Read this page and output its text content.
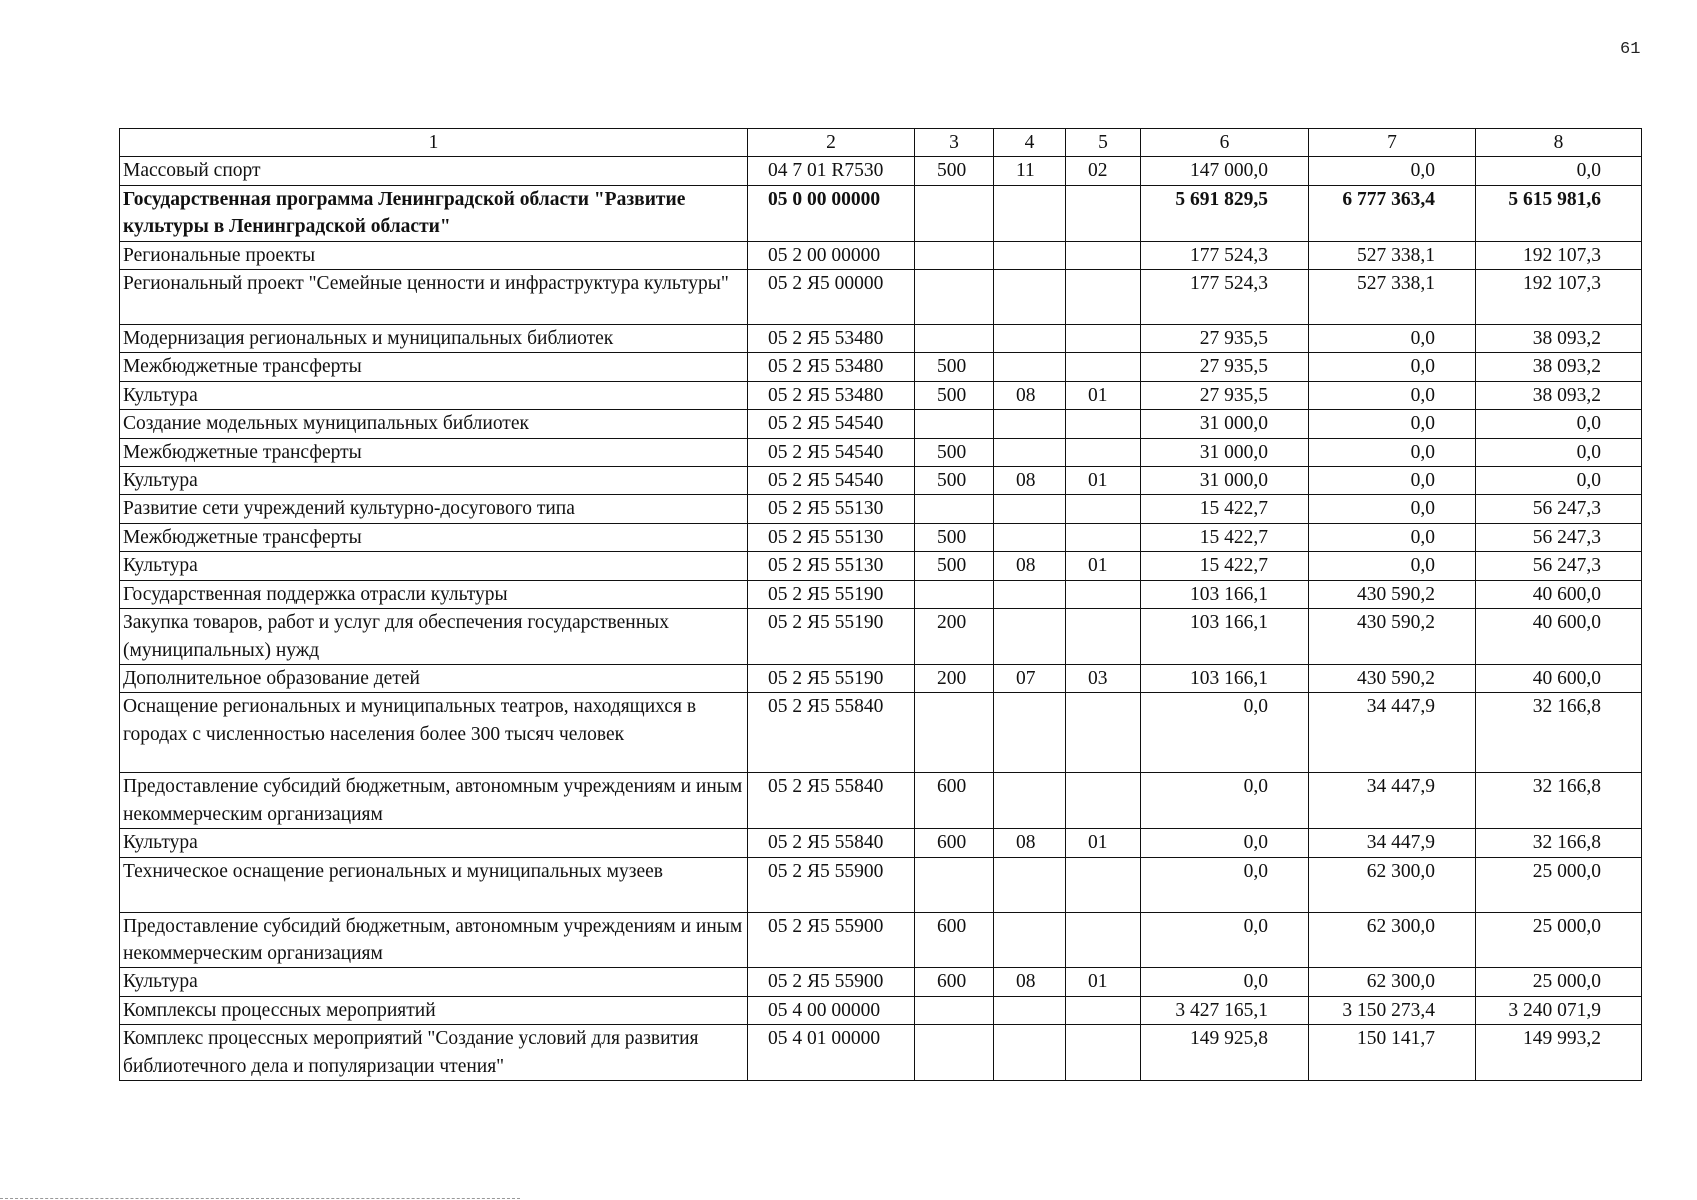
61
1	2	3	4	5	6	7	8
Массовый спорт	04 7 01 R7530	500	11	02	147 000,0	0,0	0,0
Государственная программа Ленинградской области "Развитие культуры в Ленинградской области"	05 0 00 00000				5 691 829,5	6 777 363,4	5 615 981,6
Региональные проекты	05 2 00 00000				177 524,3	527 338,1	192 107,3
Региональный проект "Семейные ценности и инфраструктура культуры"	05 2 Я5 00000				177 524,3	527 338,1	192 107,3
Модернизация региональных и муниципальных библиотек	05 2 Я5 53480				27 935,5	0,0	38 093,2
Межбюджетные трансферты	05 2 Я5 53480	500			27 935,5	0,0	38 093,2
Культура	05 2 Я5 53480	500	08	01	27 935,5	0,0	38 093,2
Создание модельных муниципальных библиотек	05 2 Я5 54540				31 000,0	0,0	0,0
Межбюджетные трансферты	05 2 Я5 54540	500			31 000,0	0,0	0,0
Культура	05 2 Я5 54540	500	08	01	31 000,0	0,0	0,0
Развитие сети учреждений культурно-досугового типа	05 2 Я5 55130				15 422,7	0,0	56 247,3
Межбюджетные трансферты	05 2 Я5 55130	500			15 422,7	0,0	56 247,3
Культура	05 2 Я5 55130	500	08	01	15 422,7	0,0	56 247,3
Государственная поддержка отрасли культуры	05 2 Я5 55190				103 166,1	430 590,2	40 600,0
Закупка товаров, работ и услуг для обеспечения государственных (муниципальных) нужд	05 2 Я5 55190	200			103 166,1	430 590,2	40 600,0
Дополнительное образование детей	05 2 Я5 55190	200	07	03	103 166,1	430 590,2	40 600,0
Оснащение региональных и муниципальных театров, находящихся в городах с численностью населения более 300 тысяч человек	05 2 Я5 55840				0,0	34 447,9	32 166,8
Предоставление субсидий бюджетным, автономным учреждениям и иным некоммерческим организациям	05 2 Я5 55840	600			0,0	34 447,9	32 166,8
Культура	05 2 Я5 55840	600	08	01	0,0	34 447,9	32 166,8
Техническое оснащение региональных и муниципальных музеев	05 2 Я5 55900				0,0	62 300,0	25 000,0
Предоставление субсидий бюджетным, автономным учреждениям и иным некоммерческим организациям	05 2 Я5 55900	600			0,0	62 300,0	25 000,0
Культура	05 2 Я5 55900	600	08	01	0,0	62 300,0	25 000,0
Комплексы процессных мероприятий	05 4 00 00000				3 427 165,1	3 150 273,4	3 240 071,9
Комплекс процессных мероприятий "Создание условий для развития библиотечного дела и популяризации чтения"	05 4 01 00000				149 925,8	150 141,7	149 993,2
